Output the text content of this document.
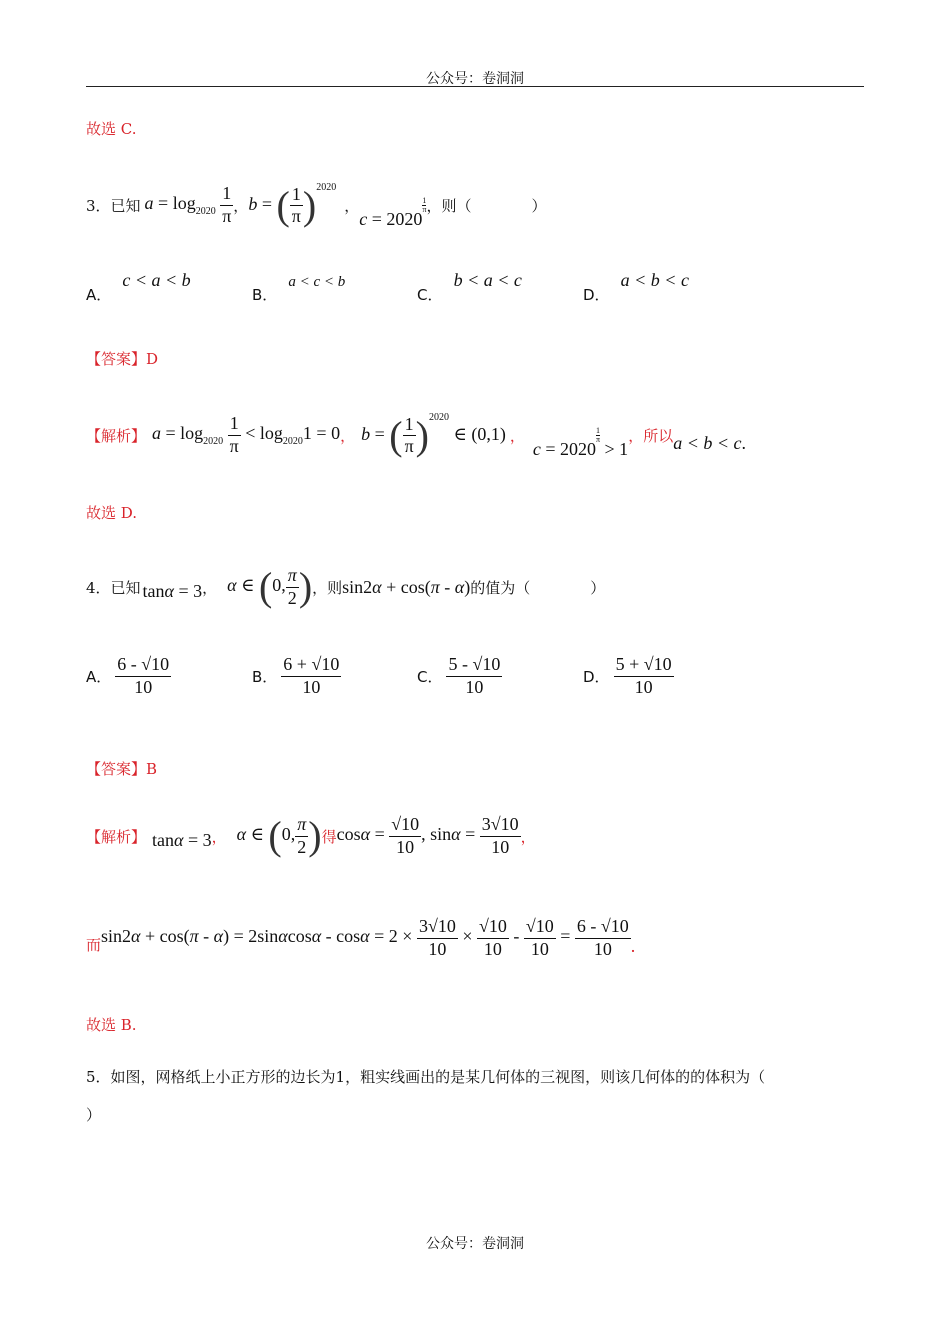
公众号：卷洞洞
故选 C.
3．已知 $a = \log_{2020} \frac{1}{\pi}$ ， b = ( $\frac{1}{\pi} )^{2020}$
，
c = 2020
$\frac{1}{\pi}$ ，则（　　　　）
A． c < a < b
B． a < c < b
C． b < a < c
D． a < b < c
【答案】D
【解析】 $a = \log_{2020} \frac{1}{\pi} < \log_{2020}1 = 0$ ， b = ( $\frac{1}{\pi} )^{2020}$ ∈ (0,1) ，
c = 2020
$\frac{1}{\pi}$
> 1
， 所以 a < b < c .
故选 D.
4．已知 tanα = 3 ， α ∈ (0, $\frac{\pi}{2}$ ) ，则 sin2α + cos(π - α) 的值为（　　　　）
A． $\frac{6 - √10}{10}$	B． $\frac{6 + √10}{10}$	C． $\frac{5 - √10}{10}$	D． $\frac{5 + √10}{10}$
【答案】B
【解析】 tanα = 3 ， α ∈ (0, $\frac{\pi}{2}$ ) 得 $\cos\alpha = \frac{√10}{10}$ , $\sin\alpha = \frac{3√10}{10}$ ，
而 $\sin 2\alpha + \cos(\pi - \alpha) = 2\sin\alpha\cos\alpha - \cos\alpha = 2 \times \frac{3√10}{10} \times \frac{√10}{10} - \frac{√10}{10} = \frac{6 - √10}{10}$ .
故选 B.
5．如图，网格纸上小正方形的边长为1，粗实线画出的是某几何体的三视图，则该几何体的的体积为（
）
公众号：卷洞洞
